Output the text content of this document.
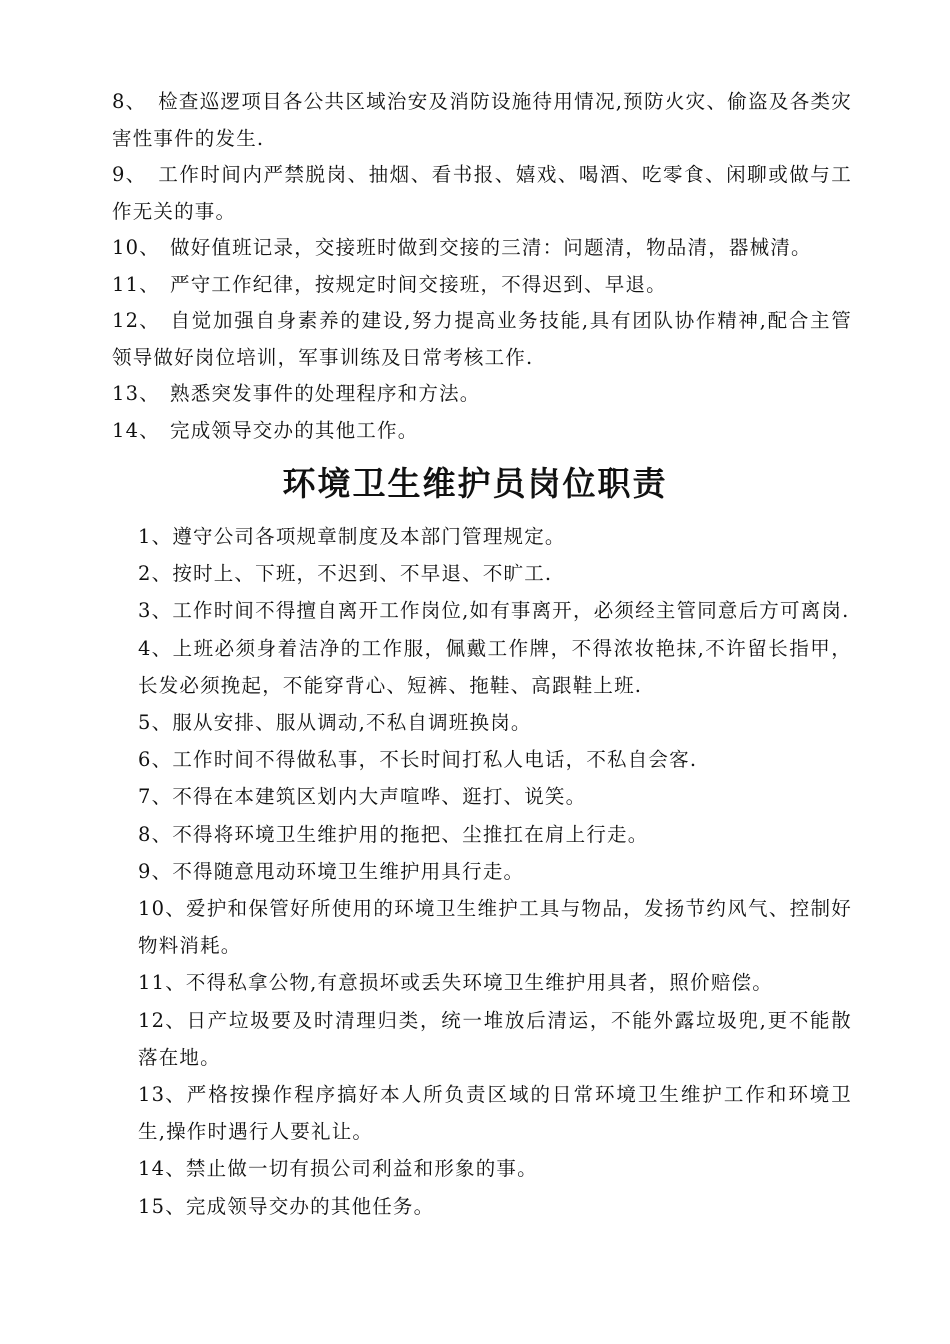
8、 检查巡逻项目各公共区域治安及消防设施待用情况,预防火灾、偷盗及各类灾害性事件的发生.

9、 工作时间内严禁脱岗、抽烟、看书报、嬉戏、喝酒、吃零食、闲聊或做与工作无关的事。

10、 做好值班记录，交接班时做到交接的三清：问题清，物品清，器械清。

11、 严守工作纪律，按规定时间交接班，不得迟到、早退。

12、 自觉加强自身素养的建设,努力提高业务技能,具有团队协作精神,配合主管领导做好岗位培训，军事训练及日常考核工作.

13、 熟悉突发事件的处理程序和方法。

14、 完成领导交办的其他工作。

环境卫生维护员岗位职责

1、遵守公司各项规章制度及本部门管理规定。

2、按时上、下班，不迟到、不早退、不旷工.

3、工作时间不得擅自离开工作岗位,如有事离开，必须经主管同意后方可离岗.

4、上班必须身着洁净的工作服，佩戴工作牌，不得浓妆艳抹,不许留长指甲，长发必须挽起，不能穿背心、短裤、拖鞋、高跟鞋上班.

5、服从安排、服从调动,不私自调班换岗。

6、工作时间不得做私事，不长时间打私人电话，不私自会客.

7、不得在本建筑区划内大声喧哗、逛打、说笑。

8、不得将环境卫生维护用的拖把、尘推扛在肩上行走。

9、不得随意甩动环境卫生维护用具行走。

10、爱护和保管好所使用的环境卫生维护工具与物品，发扬节约风气、控制好物料消耗。

11、不得私拿公物,有意损坏或丢失环境卫生维护用具者，照价赔偿。

12、日产垃圾要及时清理归类，统一堆放后清运，不能外露垃圾兜,更不能散落在地。

13、严格按操作程序搞好本人所负责区域的日常环境卫生维护工作和环境卫生,操作时遇行人要礼让。

14、禁止做一切有损公司利益和形象的事。

15、完成领导交办的其他任务。
